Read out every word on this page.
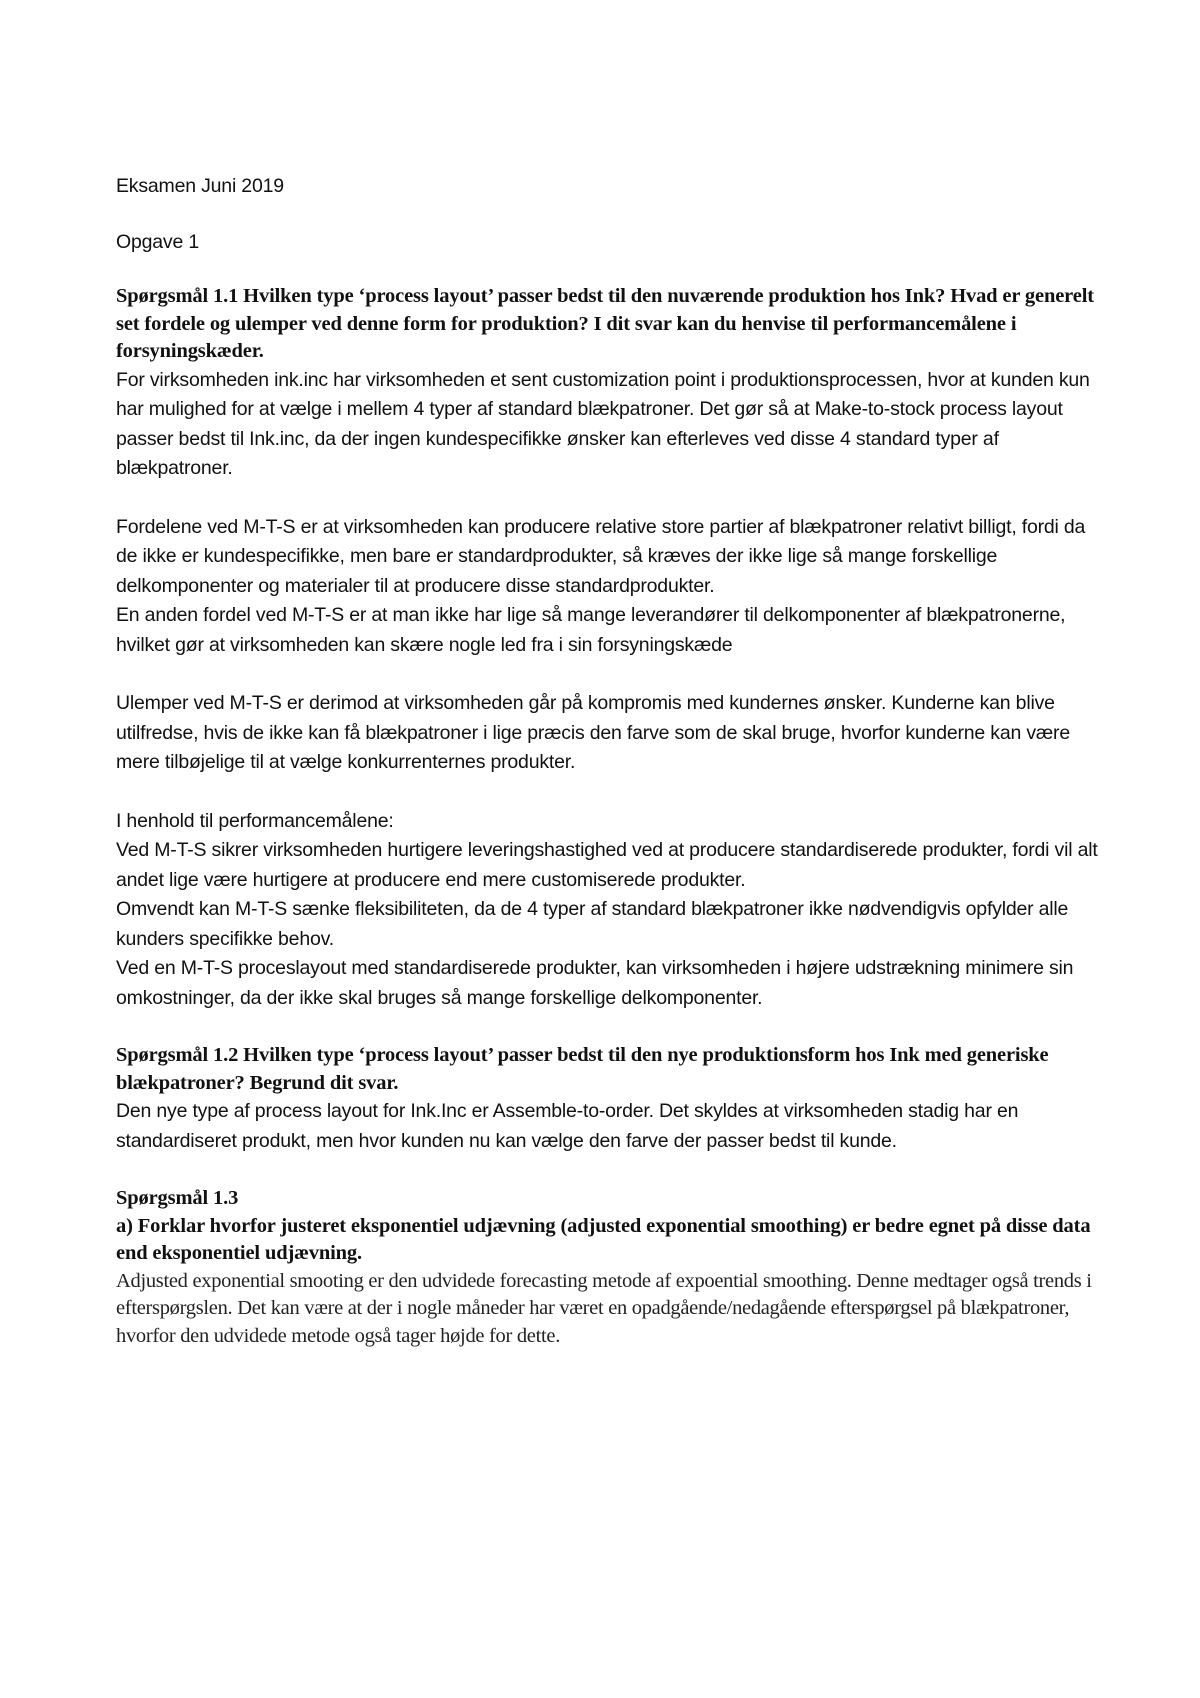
Eksamen Juni 2019

Opgave 1

Spørgsmål 1.1 Hvilken type ‘process layout’ passer bedst til den nuværende produktion hos Ink? Hvad er generelt set fordele og ulemper ved denne form for produktion? I dit svar kan du henvise til performancemålene i forsyningskæder.

For virksomheden ink.inc har virksomheden et sent customization point i produktionsprocessen, hvor at kunden kun har mulighed for at vælge i mellem 4 typer af standard blækpatroner. Det gør så at Make-to-stock process layout passer bedst til Ink.inc, da der ingen kundespecifikke ønsker kan efterleves ved disse 4 standard typer af blækpatroner.

Fordelene ved M-T-S er at virksomheden kan producere relative store partier af blækpatroner relativt billigt, fordi da de ikke er kundespecifikke, men bare er standardprodukter, så kræves der ikke lige så mange forskellige delkomponenter og materialer til at producere disse standardprodukter.

En anden fordel ved M-T-S er at man ikke har lige så mange leverandører til delkomponenter af blækpatronerne, hvilket gør at virksomheden kan skære nogle led fra i sin forsyningskæde

Ulemper ved M-T-S er derimod at virksomheden går på kompromis med kundernes ønsker. Kunderne kan blive utilfredse, hvis de ikke kan få blækpatroner i lige præcis den farve som de skal bruge, hvorfor kunderne kan være mere tilbøjelige til at vælge konkurrenternes produkter.

I henhold til performancemålene:

Ved M-T-S sikrer virksomheden hurtigere leveringshastighed ved at producere standardiserede produkter, fordi vil alt andet lige være hurtigere at producere end mere customiserede produkter.

Omvendt kan M-T-S sænke fleksibiliteten, da de 4 typer af standard blækpatroner ikke nødvendigvis opfylder alle kunders specifikke behov.

Ved en M-T-S proceslayout med standardiserede produkter, kan virksomheden i højere udstrækning minimere sin omkostninger, da der ikke skal bruges så mange forskellige delkomponenter.

Spørgsmål 1.2 Hvilken type ‘process layout’ passer bedst til den nye produktionsform hos Ink med generiske blækpatroner? Begrund dit svar.

Den nye type af process layout for Ink.Inc er Assemble-to-order. Det skyldes at virksomheden stadig har en standardiseret produkt, men hvor kunden nu kan vælge den farve der passer bedst til kunde.

Spørgsmål 1.3

a) Forklar hvorfor justeret eksponentiel udjævning (adjusted exponential smoothing) er bedre egnet på disse data end eksponentiel udjævning.

Adjusted exponential smooting er den udvidede forecasting metode af expoential smoothing. Denne medtager også trends i efterspørgslen. Det kan være at der i nogle måneder har været en opadgående/nedagående efterspørgsel på blækpatroner, hvorfor den udvidede metode også tager højde for dette.
